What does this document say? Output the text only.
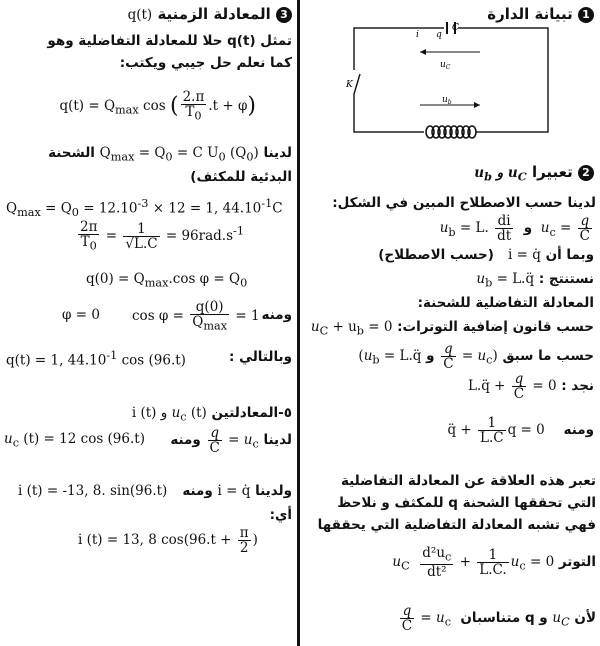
1 تبيانة الدارة
C
i q
$u_C$
K
$u_b$
2 تعبيرا $u_C$ و $u_b$
لدينا حسب الاصطلاح المبين في الشكل:
$u_b = L$. $\frac{di}{dt}$ و $u_c = \frac{q}{C}$
وبما أن i = q̇   (حسب الاصطلاح)
نستنتج : $u_b$ = L.q̈
المعادلة التفاضلية للشحنة:
حسب قانون إضافية التوترات: $u_C + u_b = 0$
حسب ما سبق ($u_c$ =
$\frac{q}{C}$
و $u_b$ = L.q̈)
نجد : L.q̈ + $\frac{q}{C} = 0$
ومنه    q̈ + $\frac{1}{L.C}$ q = 0
تعبر هذه العلاقة عن المعادلة التفاضلية
التي تحققها الشحنة q للمكثف و نلاحظ
فهي تشبه المعادلة التفاضلية التي يحققها
التوتر $u_C \frac{d^2u_c}{\text{dt²}} + \frac{1}{L.C.} u_c = 0$
لأن $u_C$ و q متناسبان  $u_c$ =
$\frac{q}{C}$
3 المعادلة الزمنية q(t)
تمثل (q(t حلا للمعادلة التفاضلية وهو
كما نعلم حل جيبي ويكتب:
$q(t) = Q_{max}$ cos ( $\frac{2.\pi}{T_0} .t + \varphi$)
لدينا $Q_{max} = Q_0 = C$ $U_0$ $(Q_0)$ الشحنة
البدئية للمكثف)
$Q_{max} = Q_0 = 12.10^{-3} \times 12 = 1$, $44.10^{-1}C$
$\frac{2\pi}{T_0} = \frac{1}{√L.C} = 96rad.s^{-1}$
$q(0) = Q_{max}.\cos$ $\varphi = Q_0$
φ = 0 $\cos \varphi = \frac{q(0)}{Q_{max}} = 1$ ومنه
q(t) = 1, $44.10^{-1}$ cos (96.t)	وبالتالي :
٥-المعادلتين $u_c$ (t) و i (t)
$u_c$ (t) = 12 cos (96.t)	لدينا $u_c$ =
$\frac{q}{C}$
ومنه
i (t) = -13, 8. sin(96.t)	ولدينا i = q̇ ومنه
أي:
i (t) = 13, 8 $\cos(96.t + \frac{\pi}{2}$ )
